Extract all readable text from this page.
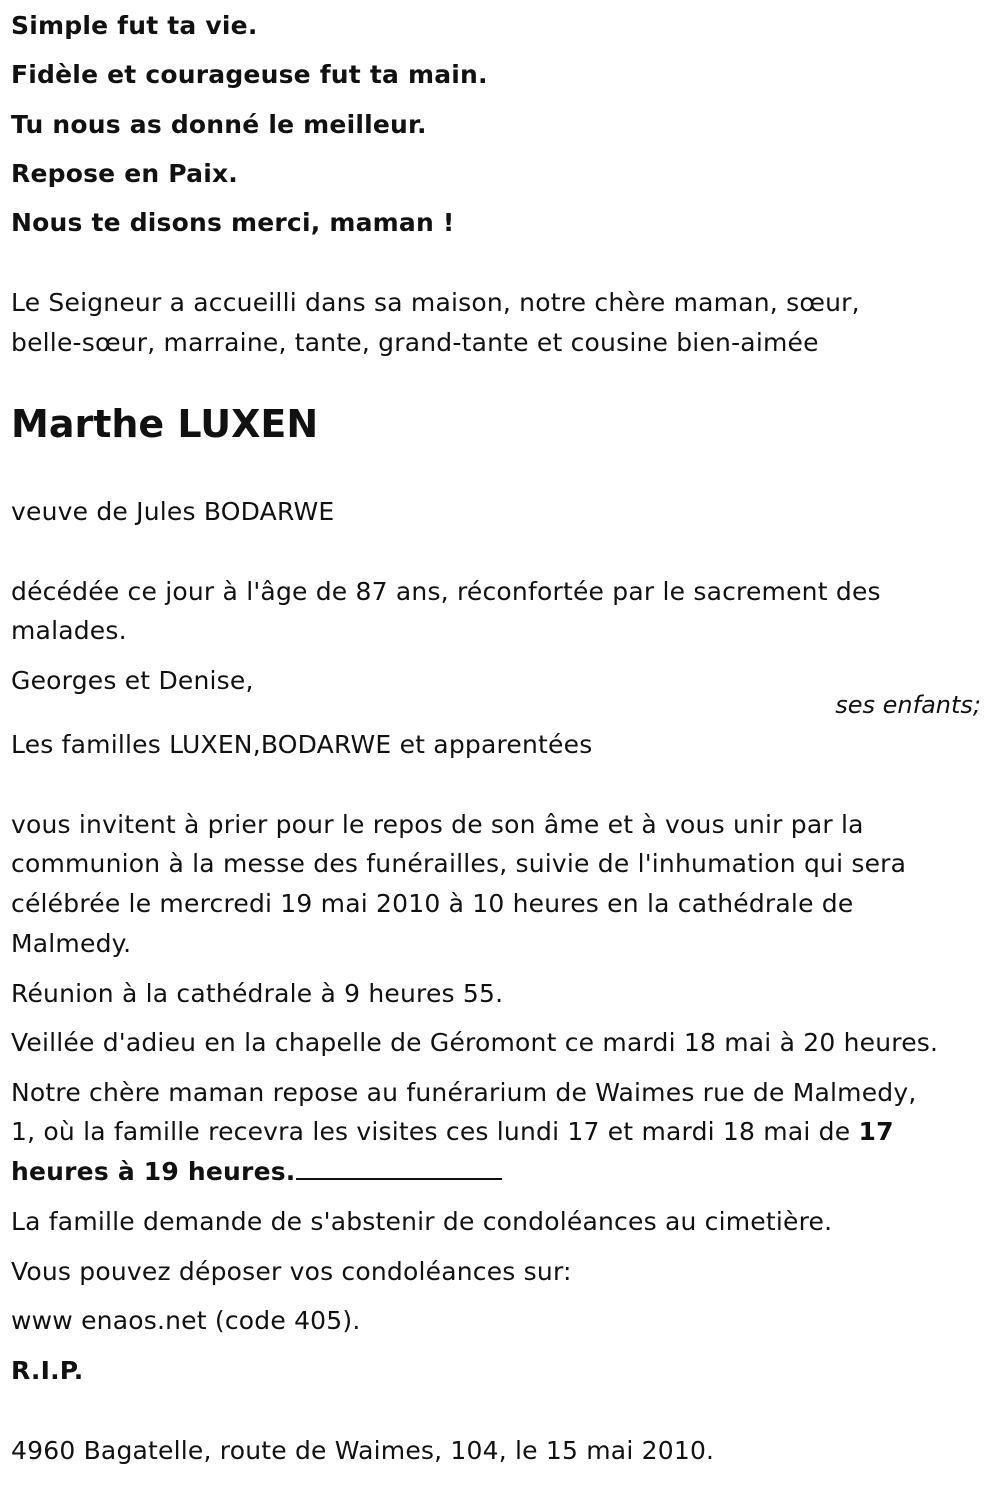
Simple fut ta vie.
Fidèle et courageuse fut ta main.
Tu nous as donné le meilleur.
Repose en Paix.
Nous te disons merci, maman !
Le Seigneur a accueilli dans sa maison, notre chère maman, sœur,
belle-sœur, marraine, tante, grand-tante et cousine bien-aimée
Marthe LUXEN
veuve de Jules BODARWE
décédée ce jour à l'âge de 87 ans, réconfortée par le sacrement des
malades.
Georges et Denise,
ses enfants;
Les familles LUXEN,BODARWE et apparentées
vous invitent à prier pour le repos de son âme et à vous unir par la
communion à la messe des funérailles, suivie de l'inhumation qui sera
célébrée le mercredi 19 mai 2010 à 10 heures en la cathédrale de
Malmedy.
Réunion à la cathédrale à 9 heures 55.
Veillée d'adieu en la chapelle de Géromont ce mardi 18 mai à 20 heures.
Notre chère maman repose au funérarium de Waimes rue de Malmedy,
1, où la famille recevra les visites ces lundi 17 et mardi 18 mai de 17
heures à 19 heures.
La famille demande de s'abstenir de condoléances au cimetière.
Vous pouvez déposer vos condoléances sur:
www enaos.net (code 405).
R.I.P.
4960 Bagatelle, route de Waimes, 104, le 15 mai 2010.
